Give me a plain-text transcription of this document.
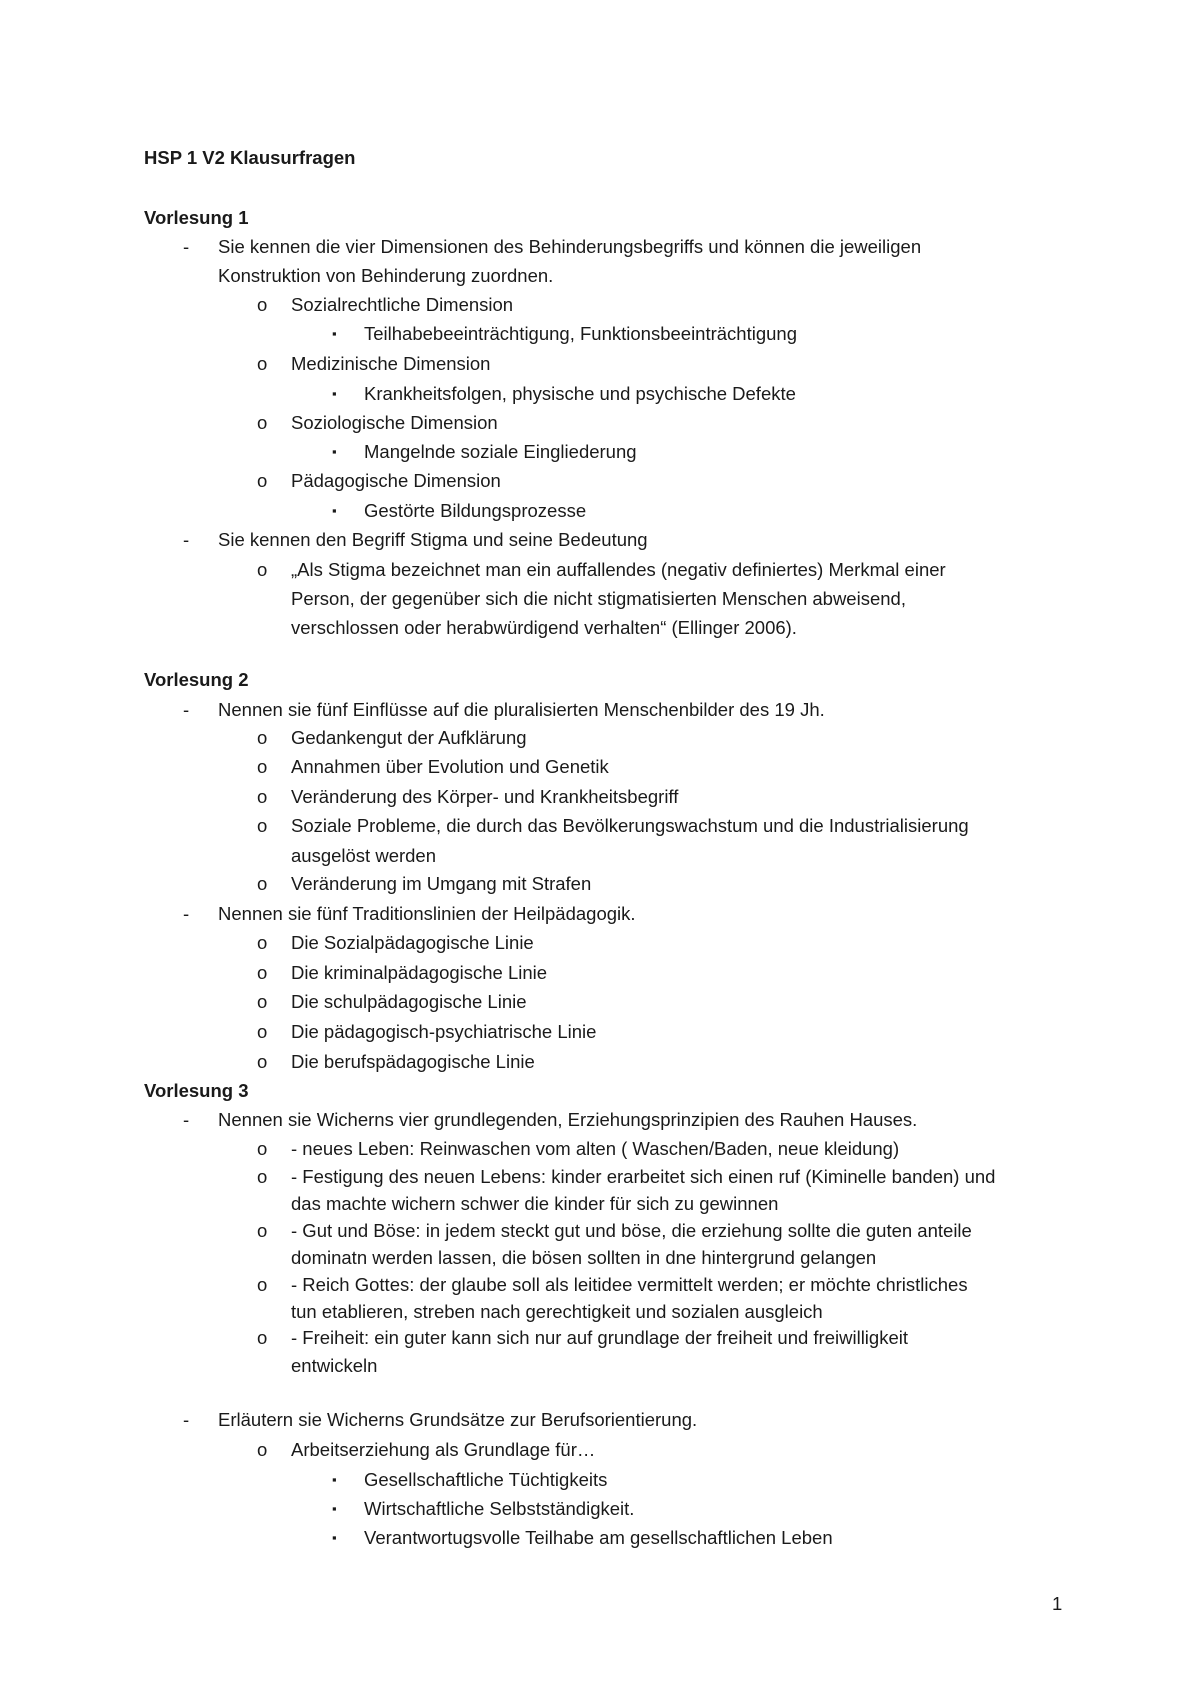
HSP 1 V2 Klausurfragen
Vorlesung 1
- Sie kennen die vier Dimensionen des Behinderungsbegriffs und können die jeweiligen
Konstruktion von Behinderung zuordnen.
o Sozialrechtliche Dimension
▪ Teilhabebeeinträchtigung, Funktionsbeeinträchtigung
o Medizinische Dimension
▪ Krankheitsfolgen, physische und psychische Defekte
o Soziologische Dimension
▪ Mangelnde soziale Eingliederung
o Pädagogische Dimension
▪ Gestörte Bildungsprozesse
- Sie kennen den Begriff Stigma und seine Bedeutung
o „Als Stigma bezeichnet man ein auffallendes (negativ definiertes) Merkmal einer
Person, der gegenüber sich die nicht stigmatisierten Menschen abweisend,
verschlossen oder herabwürdigend verhalten“ (Ellinger 2006).
Vorlesung 2
- Nennen sie fünf Einflüsse auf die pluralisierten Menschenbilder des 19 Jh.
o Gedankengut der Aufklärung
o Annahmen über Evolution und Genetik
o Veränderung des Körper- und Krankheitsbegriff
o Soziale Probleme, die durch das Bevölkerungswachstum und die Industrialisierung
ausgelöst werden
o Veränderung im Umgang mit Strafen
- Nennen sie fünf Traditionslinien der Heilpädagogik.
o Die Sozialpädagogische Linie
o Die kriminalpädagogische Linie
o Die schulpädagogische Linie
o Die pädagogisch-psychiatrische Linie
o Die berufspädagogische Linie
Vorlesung 3
- Nennen sie Wicherns vier grundlegenden, Erziehungsprinzipien des Rauhen Hauses.
o - neues Leben: Reinwaschen vom alten ( Waschen/Baden, neue kleidung)
o - Festigung des neuen Lebens: kinder erarbeitet sich einen ruf (Kiminelle banden) und
das machte wichern schwer die kinder für sich zu gewinnen
o - Gut und Böse: in jedem steckt gut und böse, die erziehung sollte die guten anteile
dominatn werden lassen, die bösen sollten in dne hintergrund gelangen
o - Reich Gottes: der glaube soll als leitidee vermittelt werden; er möchte christliches
tun etablieren, streben nach gerechtigkeit und sozialen ausgleich
o - Freiheit: ein guter kann sich nur auf grundlage der freiheit und freiwilligkeit
entwickeln
- Erläutern sie Wicherns Grundsätze zur Berufsorientierung.
o Arbeitserziehung als Grundlage für…
▪ Gesellschaftliche Tüchtigkeits
▪ Wirtschaftliche Selbstständigkeit.
▪ Verantwortugsvolle Teilhabe am gesellschaftlichen Leben
1
